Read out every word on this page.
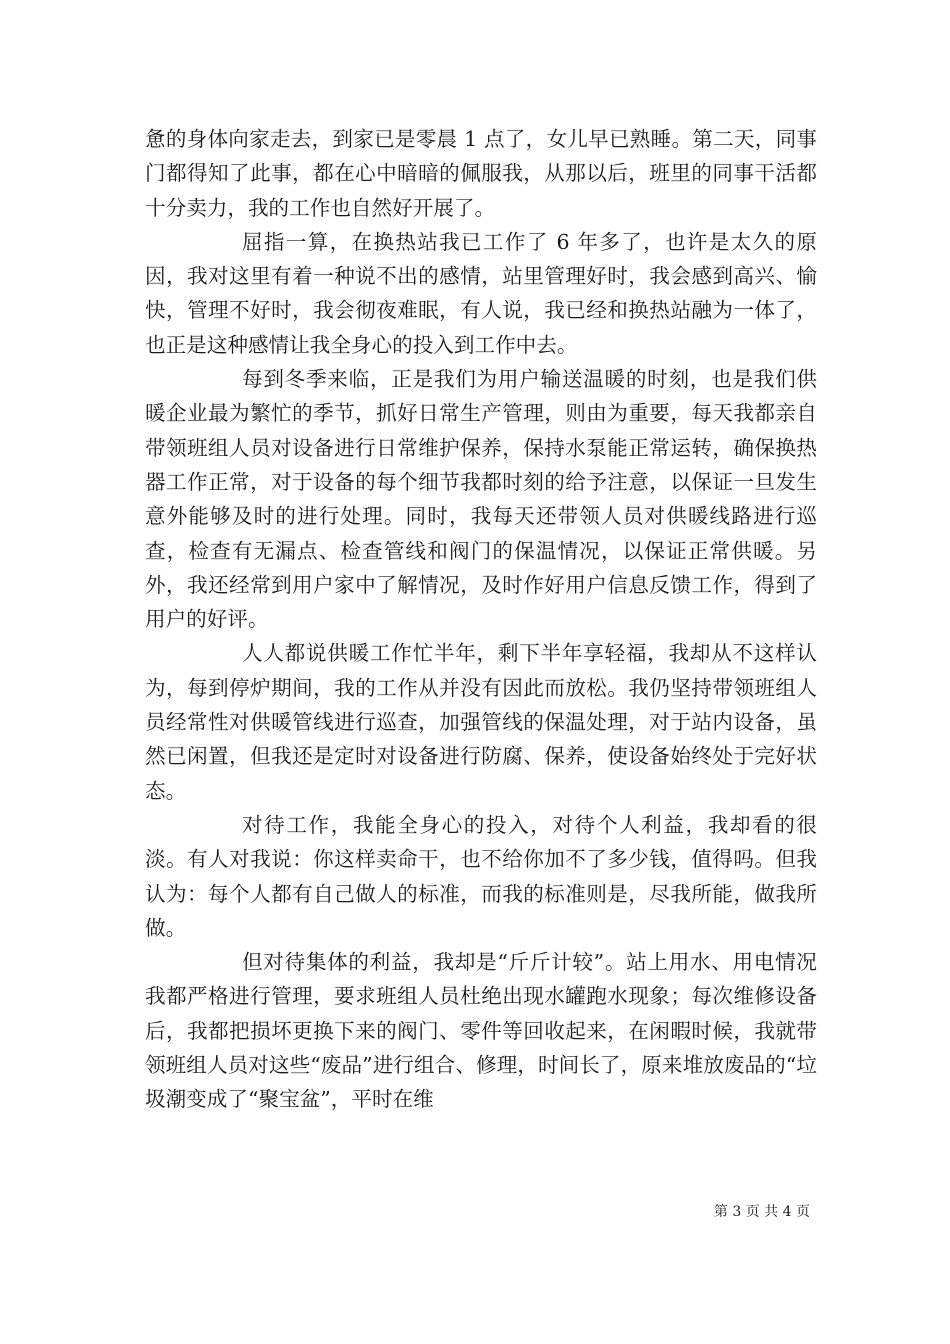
惫的身体向家走去，到家已是零晨 1 点了，女儿早已熟睡。第二天，同事门都得知了此事，都在心中暗暗的佩服我，从那以后，班里的同事干活都十分卖力，我的工作也自然好开展了。

屈指一算，在换热站我已工作了 6 年多了，也许是太久的原因，我对这里有着一种说不出的感情，站里管理好时，我会感到高兴、愉快，管理不好时，我会彻夜难眠，有人说，我已经和换热站融为一体了，也正是这种感情让我全身心的投入到工作中去。

每到冬季来临，正是我们为用户输送温暖的时刻，也是我们供暖企业最为繁忙的季节，抓好日常生产管理，则由为重要，每天我都亲自带领班组人员对设备进行日常维护保养，保持水泵能正常运转，确保换热器工作正常，对于设备的每个细节我都时刻的给予注意，以保证一旦发生意外能够及时的进行处理。同时，我每天还带领人员对供暖线路进行巡查，检查有无漏点、检查管线和阀门的保温情况，以保证正常供暖。另外，我还经常到用户家中了解情况，及时作好用户信息反馈工作，得到了用户的好评。

人人都说供暖工作忙半年，剩下半年享轻福，我却从不这样认为，每到停炉期间，我的工作从并没有因此而放松。我仍坚持带领班组人员经常性对供暖管线进行巡查，加强管线的保温处理，对于站内设备，虽然已闲置，但我还是定时对设备进行防腐、保养，使设备始终处于完好状态。

对待工作，我能全身心的投入，对待个人利益，我却看的很淡。有人对我说：你这样卖命干，也不给你加不了多少钱，值得吗。但我认为：每个人都有自己做人的标准，而我的标准则是，尽我所能，做我所做。

但对待集体的利益，我却是“斤斤计较”。站上用水、用电情况我都严格进行管理，要求班组人员杜绝出现水罐跑水现象；每次维修设备后，我都把损坏更换下来的阀门、零件等回收起来，在闲暇时候，我就带领班组人员对这些“废品”进行组合、修理，时间长了，原来堆放废品的“垃圾潮变成了“聚宝盆”，平时在维

第 3 页 共 4 页
